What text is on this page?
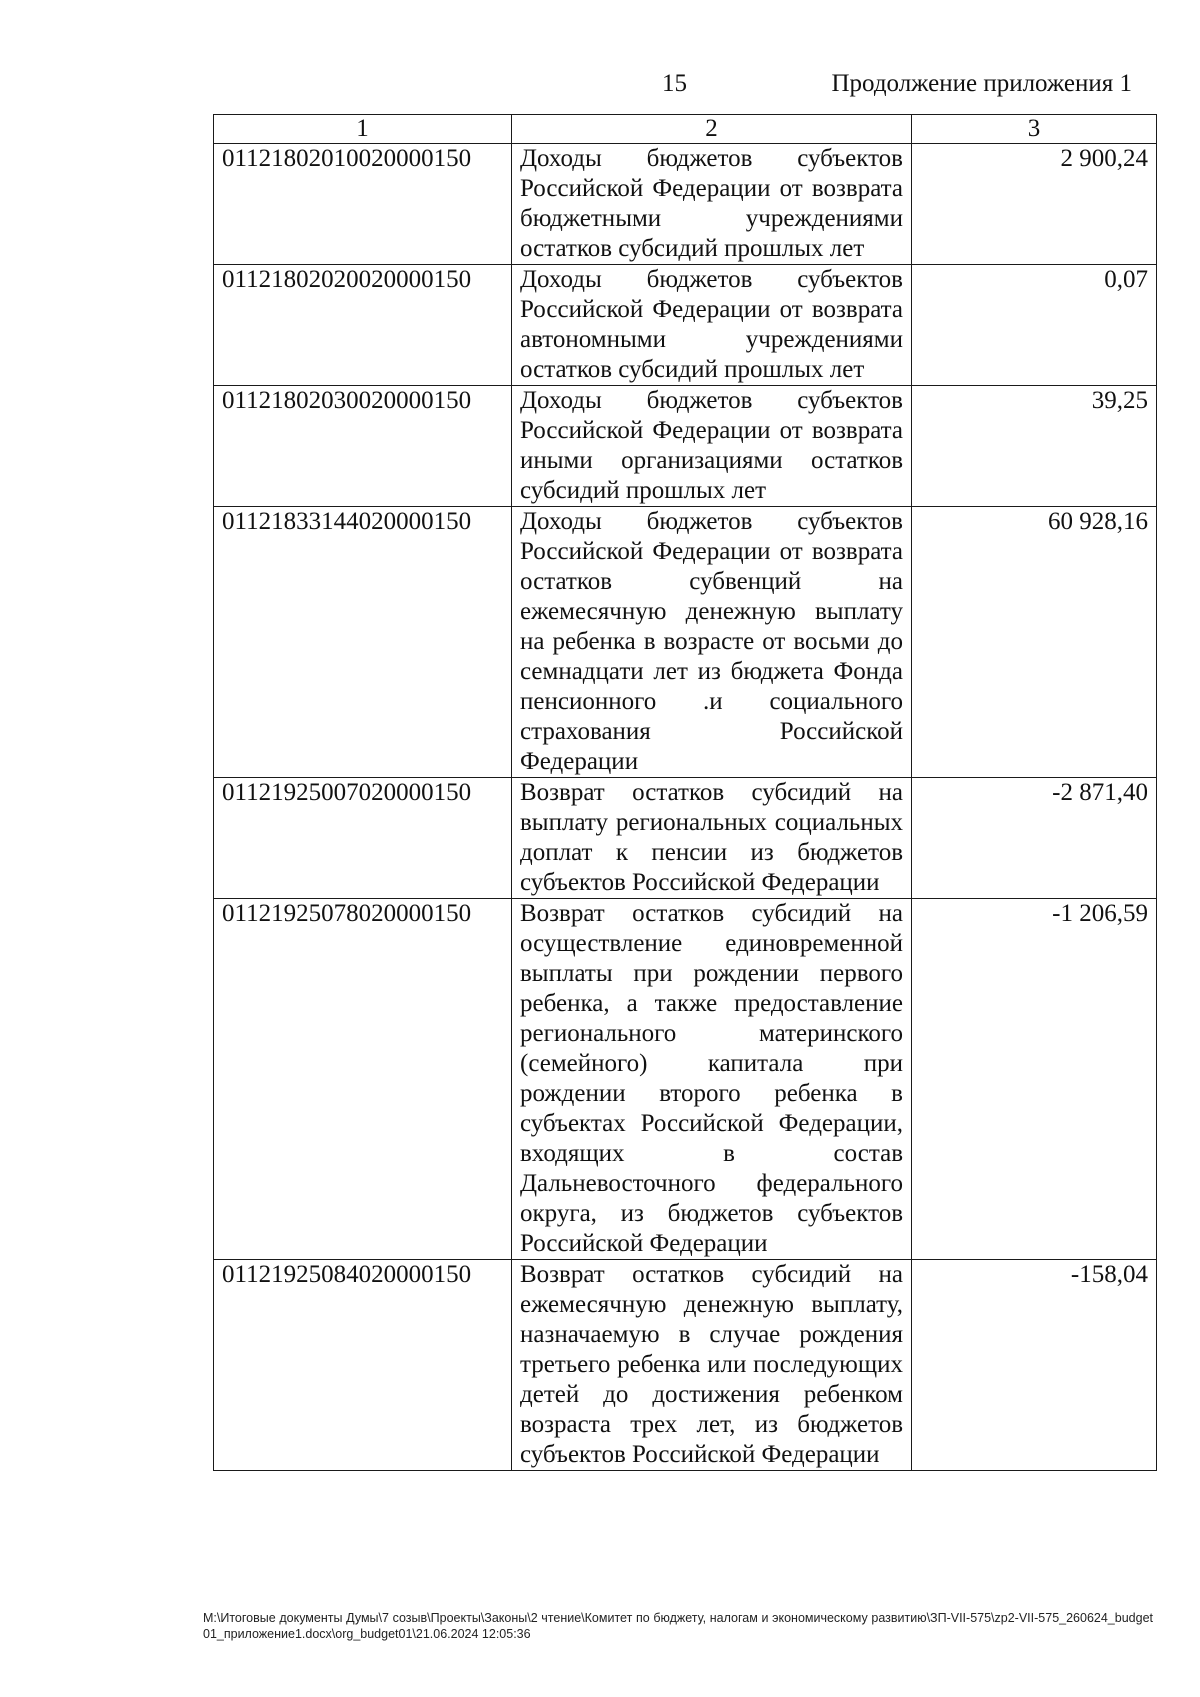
15	Продолжение приложения 1
1	2	3
01121802010020000150	Доходы бюджетов субъектов Российской Федерации от возврата бюджетными учреждениями остатков субсидий прошлых лет	2 900,24
01121802020020000150	Доходы бюджетов субъектов Российской Федерации от возврата автономными учреждениями остатков субсидий прошлых лет	0,07
01121802030020000150	Доходы бюджетов субъектов Российской Федерации от возврата иными организациями остатков субсидий прошлых лет	39,25
01121833144020000150	Доходы бюджетов субъектов Российской Федерации от возврата остатков субвенций на ежемесячную денежную выплату на ребенка в возрасте от восьми до семнадцати лет из бюджета Фонда пенсионного .и социального страхования Российской Федерации	60 928,16
01121925007020000150	Возврат остатков субсидий на выплату региональных социальных доплат к пенсии из бюджетов субъектов Российской Федерации	-2 871,40
01121925078020000150	Возврат остатков субсидий на осуществление единовременной выплаты при рождении первого ребенка, а также предоставление регионального материнского (семейного) капитала при рождении второго ребенка в субъектах Российской Федерации, входящих в состав Дальневосточного федерального округа, из бюджетов субъектов Российской Федерации	-1 206,59
01121925084020000150	Возврат остатков субсидий на ежемесячную денежную выплату, назначаемую в случае рождения третьего ребенка или последующих детей до достижения ребенком возраста трех лет, из бюджетов субъектов Российской Федерации	-158,04
М:\Итоговые документы Думы\7 созыв\Проекты\Законы\2 чтение\Комитет по бюджету, налогам и экономическому развитию\ЗП-VII-575\zp2-VII-575_260624_budget01_приложение1.docx\org_budget01\21.06.2024 12:05:36
